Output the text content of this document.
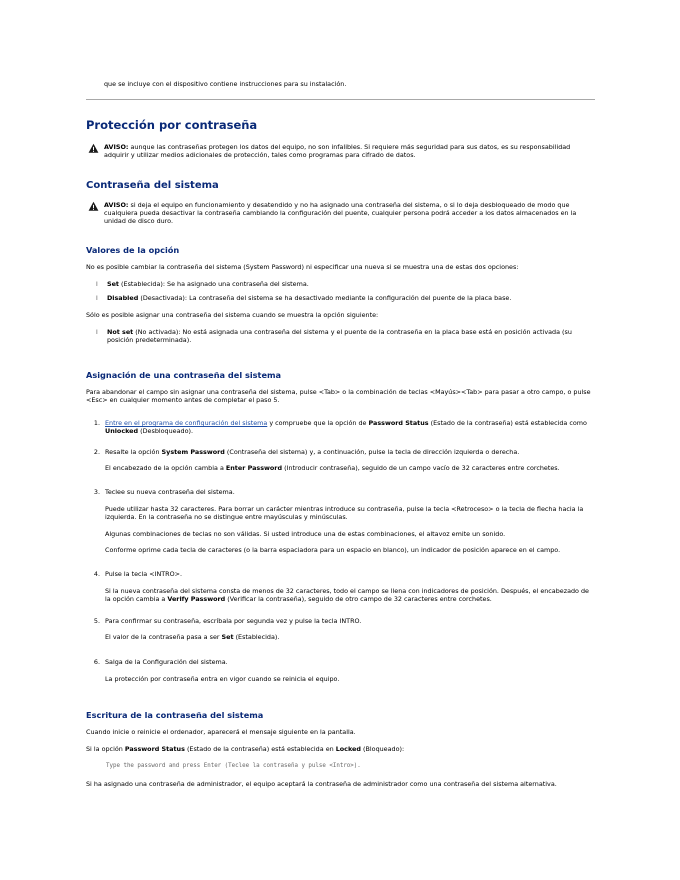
que se incluye con el dispositivo contiene instrucciones para su instalación.
Protección por contraseña
AVISO: aunque las contraseñas protegen los datos del equipo, no son infalibles. Si requiere más seguridad para sus datos, es su responsabilidad
adquirir y utilizar medios adicionales de protección, tales como programas para cifrado de datos.
Contraseña del sistema
AVISO: si deja el equipo en funcionamiento y desatendido y no ha asignado una contraseña del sistema, o si lo deja desbloqueado de modo que
cualquiera pueda desactivar la contraseña cambiando la configuración del puente, cualquier persona podrá acceder a los datos almacenados en la
unidad de disco duro.
Valores de la opción
No es posible cambiar la contraseña del sistema (System Password) ni especificar una nueva si se muestra una de estas dos opciones:
l Set (Establecida): Se ha asignado una contraseña del sistema.
l Disabled (Desactivada): La contraseña del sistema se ha desactivado mediante la configuración del puente de la placa base.
Sólo es posible asignar una contraseña del sistema cuando se muestra la opción siguiente:
l Not set (No activada): No está asignada una contraseña del sistema y el puente de la contraseña en la placa base está en posición activada (su
posición predeterminada).
Asignación de una contraseña del sistema
Para abandonar el campo sin asignar una contraseña del sistema, pulse <Tab> o la combinación de teclas <Mayús><Tab> para pasar a otro campo, o pulse
<Esc> en cualquier momento antes de completar el paso 5.
1. Entre en el programa de configuración del sistema y compruebe que la opción de Password Status (Estado de la contraseña) está establecida como
Unlocked (Desbloqueado).
2. Resalte la opción System Password (Contraseña del sistema) y, a continuación, pulse la tecla de dirección izquierda o derecha.
El encabezado de la opción cambia a Enter Password (Introducir contraseña), seguido de un campo vacío de 32 caracteres entre corchetes.
3. Teclee su nueva contraseña del sistema.
Puede utilizar hasta 32 caracteres. Para borrar un carácter mientras introduce su contraseña, pulse la tecla <Retroceso> o la tecla de flecha hacia la
izquierda. En la contraseña no se distingue entre mayúsculas y minúsculas.
Algunas combinaciones de teclas no son válidas. Si usted introduce una de estas combinaciones, el altavoz emite un sonido.
Conforme oprime cada tecla de caracteres (o la barra espaciadora para un espacio en blanco), un indicador de posición aparece en el campo.
4. Pulse la tecla <INTRO>.
Si la nueva contraseña del sistema consta de menos de 32 caracteres, todo el campo se llena con indicadores de posición. Después, el encabezado de
la opción cambia a Verify Password (Verificar la contraseña), seguido de otro campo de 32 caracteres entre corchetes.
5. Para confirmar su contraseña, escríbala por segunda vez y pulse la tecla INTRO.
El valor de la contraseña pasa a ser Set (Establecida).
6. Salga de la Configuración del sistema.
La protección por contraseña entra en vigor cuando se reinicia el equipo.
Escritura de la contraseña del sistema
Cuando inicie o reinicie el ordenador, aparecerá el mensaje siguiente en la pantalla.
Si la opción Password Status (Estado de la contraseña) está establecida en Locked (Bloqueado):
Type the password and press Enter (Teclee la contraseña y pulse <Intro>).
Si ha asignado una contraseña de administrador, el equipo aceptará la contraseña de administrador como una contraseña del sistema alternativa.
